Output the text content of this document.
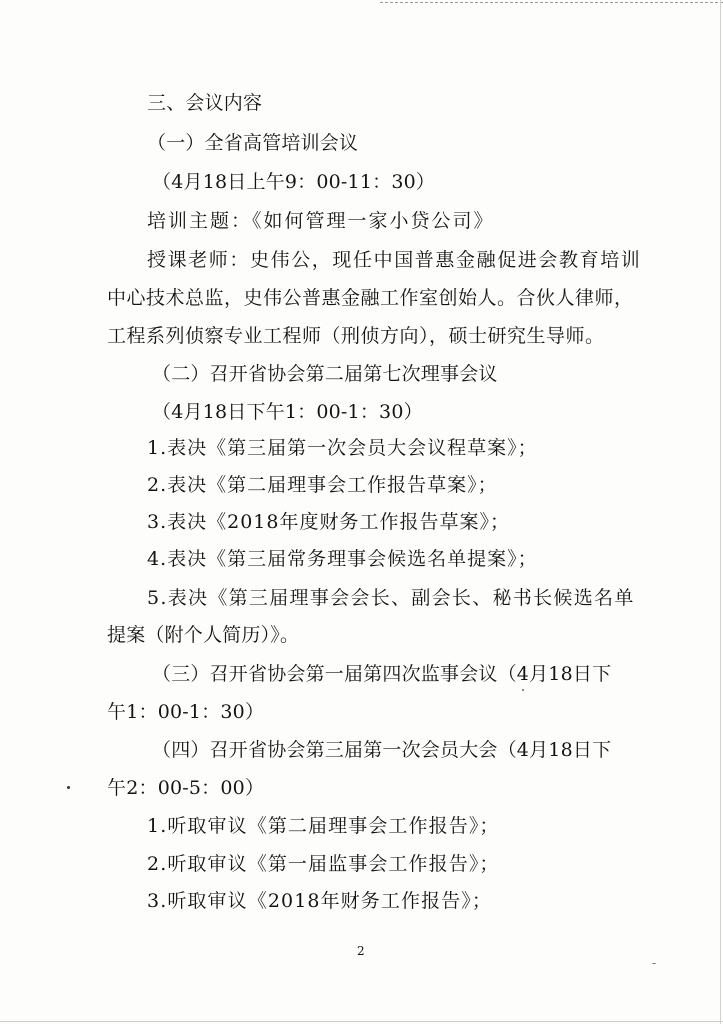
三、会议内容
（一）全省高管培训会议
（4月18日上午9：00-11：30）
培训主题：《如何管理一家小贷公司》
授课老师：史伟公，现任中国普惠金融促进会教育培训
中心技术总监，史伟公普惠金融工作室创始人。合伙人律师，
工程系列侦察专业工程师（刑侦方向），硕士研究生导师。
（二）召开省协会第二届第七次理事会议
（4月18日下午1：00-1：30）
1.表决《第三届第一次会员大会议程草案》；
2.表决《第二届理事会工作报告草案》；
3.表决《2018年度财务工作报告草案》；
4.表决《第三届常务理事会候选名单提案》；
5.表决《第三届理事会会长、副会长、秘书长候选名单
提案（附个人简历）》。
（三）召开省协会第一届第四次监事会议（4月18日下
午1：00-1：30）
（四）召开省协会第三届第一次会员大会（4月18日下
午2：00-5：00）
1.听取审议《第二届理事会工作报告》；
2.听取审议《第一届监事会工作报告》；
3.听取审议《2018年财务工作报告》；
2
